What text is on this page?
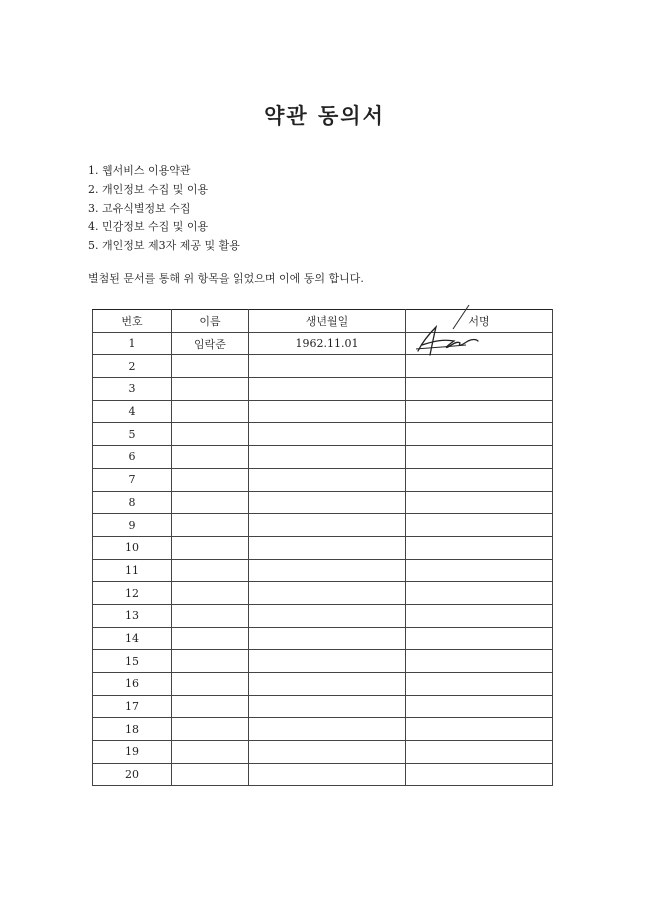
약관 동의서
1. 웹서비스 이용약관
2. 개인정보 수집 및 이용
3. 고유식별정보 수집
4. 민감정보 수집 및 이용
5. 개인정보 제3자 제공 및 활용
별첨된 문서를 통해 위 항목을 읽었으며 이에 동의 합니다.
번호	이름	생년월일	서명
1	임락준	1962.11.01	

2			
3			
4			
5			
6			
7			
8			
9			
10			
11			
12			
13			
14			
15			
16			
17			
18			
19			
20			
